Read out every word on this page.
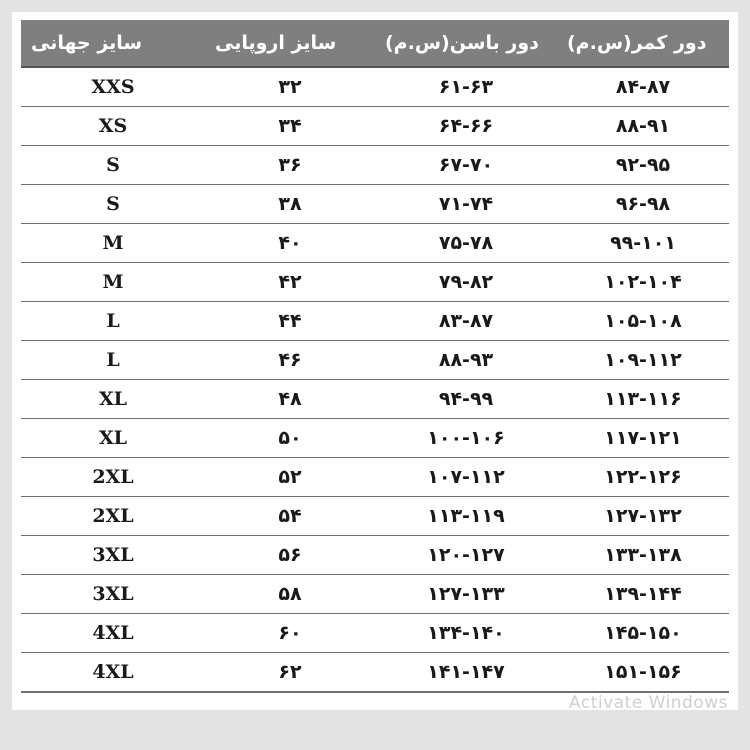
سایز جهانی	سایز اروپایی	دور باسن(س.م)	دور کمر(س.م)
XXS	۳۲	۶۱-۶۳	۸۴-۸۷
XS	۳۴	۶۴-۶۶	۸۸-۹۱
S	۳۶	۶۷-۷۰	۹۲-۹۵
S	۳۸	۷۱-۷۴	۹۶-۹۸
M	۴۰	۷۵-۷۸	۹۹-۱۰۱
M	۴۲	۷۹-۸۲	۱۰۲-۱۰۴
L	۴۴	۸۳-۸۷	۱۰۵-۱۰۸
L	۴۶	۸۸-۹۳	۱۰۹-۱۱۲
XL	۴۸	۹۴-۹۹	۱۱۳-۱۱۶
XL	۵۰	۱۰۰-۱۰۶	۱۱۷-۱۲۱
2XL	۵۲	۱۰۷-۱۱۲	۱۲۲-۱۲۶
2XL	۵۴	۱۱۳-۱۱۹	۱۲۷-۱۳۲
3XL	۵۶	۱۲۰-۱۲۷	۱۳۳-۱۳۸
3XL	۵۸	۱۲۷-۱۳۳	۱۳۹-۱۴۴
4XL	۶۰	۱۳۴-۱۴۰	۱۴۵-۱۵۰
4XL	۶۲	۱۴۱-۱۴۷	۱۵۱-۱۵۶
Activate Windows
